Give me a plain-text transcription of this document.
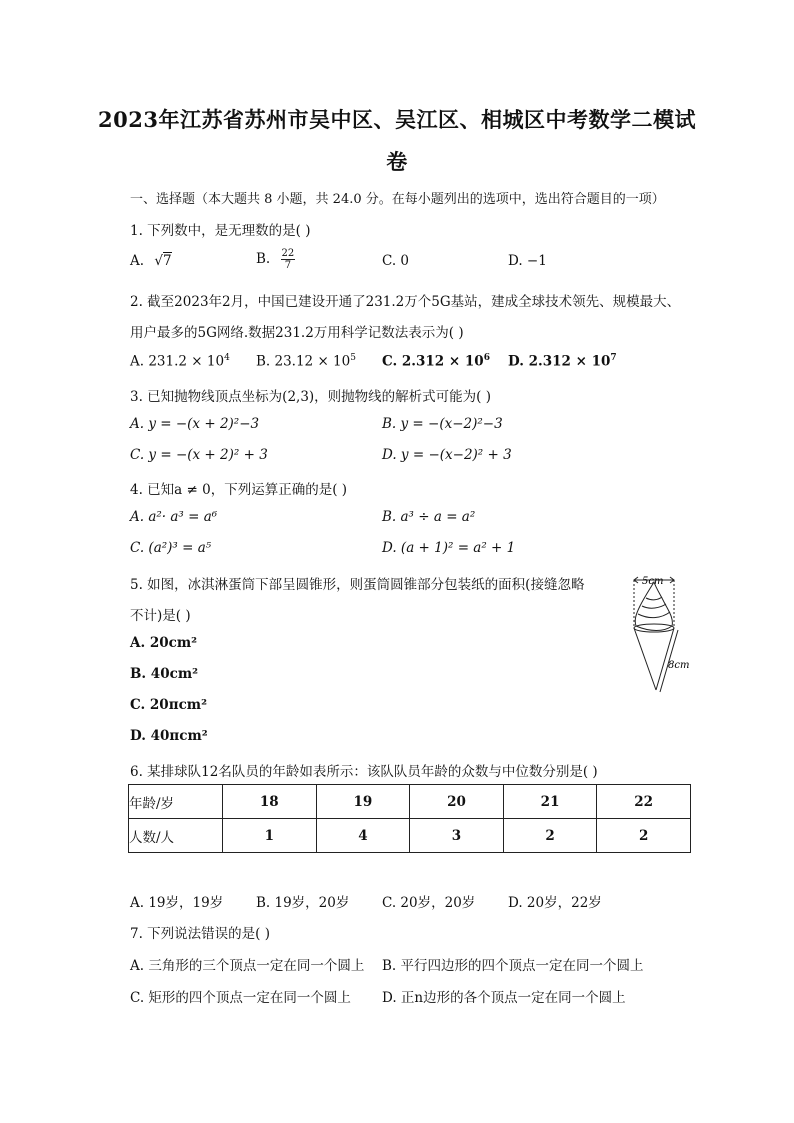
2023年江苏省苏州市吴中区、吴江区、相城区中考数学二模试
卷
一、选择题（本大题共 8 小题，共 24.0 分。在每小题列出的选项中，选出符合题目的一项）
1. 下列数中，是无理数的是( )
A. √7	B. $\frac{22}{7}$	C. 0	D. −1
2. 截至2023年2月，中国已建设开通了231.2万个5G基站，建成全球技术领先、规模最大、
用户最多的5G网络.数据231.2万用科学记数法表示为( )
A. $231.2 \times 10^4$ B. $23.12 \times 10^5$ C. $2.312 \times 10^6$ D. $2.312 \times 10^7$
3. 已知抛物线顶点坐标为(2,3)，则抛物线的解析式可能为( )
A. y = −(x + 2)²−3	B. y = −(x−2)²−3
C. y = −(x + 2)² + 3	D. y = −(x−2)² + 3
4. 已知a ≠ 0，下列运算正确的是( )
A. a²· a³ = a⁶	B. a³ ÷ a = a²
C. (a²)³ = a⁵	D. (a + 1)² = a² + 1
5. 如图，冰淇淋蛋筒下部呈圆锥形，则蛋筒圆锥部分包装纸的面积(接缝忽略
不计)是( )
A. 20cm²
B. 40cm²
C. 20πcm²
D. 40πcm²
5cm
8cm
6. 某排球队12名队员的年龄如表所示：该队队员年龄的众数与中位数分别是( )
年龄/岁	18	19	20	21	22
人数/人	1	4	3	2	2
A. 19岁，19岁 B. 19岁，20岁 C. 20岁，20岁 D. 20岁，22岁
7. 下列说法错误的是( )
A. 三角形的三个顶点一定在同一个圆上 B. 平行四边形的四个顶点一定在同一个圆上
C. 矩形的四个顶点一定在同一个圆上 D. 正n边形的各个顶点一定在同一个圆上
